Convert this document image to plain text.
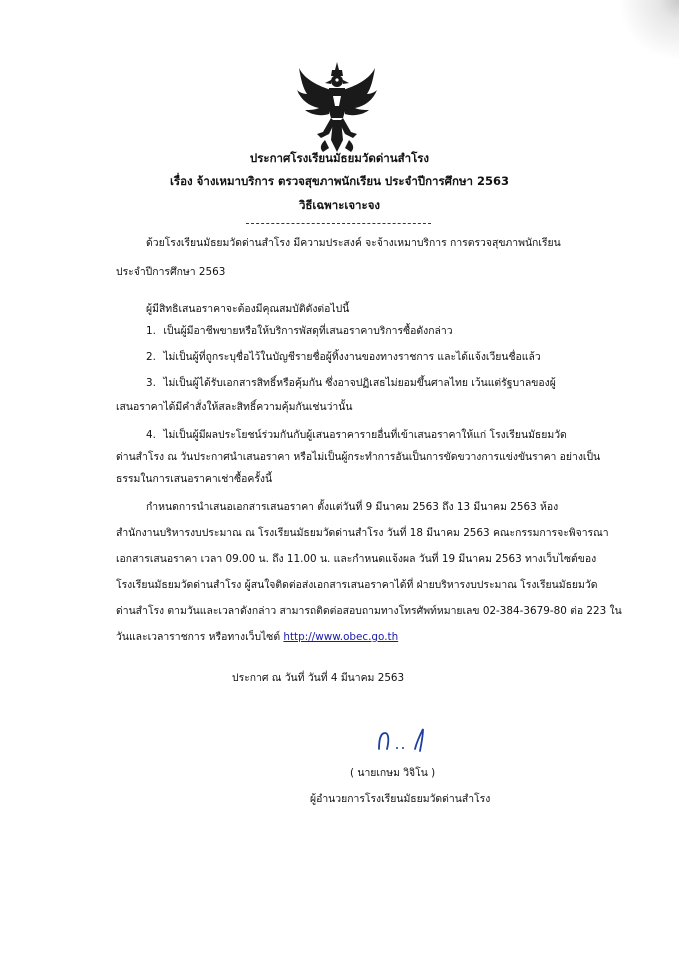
ประกาศโรงเรียนมัธยมวัดด่านสำโรง
เรื่อง จ้างเหมาบริการ ตรวจสุขภาพนักเรียน ประจำปีการศึกษา 2563
วิธีเฉพาะเจาะจง
ด้วยโรงเรียนมัธยมวัดด่านสำโรง มีความประสงค์ จะจ้างเหมาบริการ การตรวจสุขภาพนักเรียน
ประจำปีการศึกษา 2563
ผู้มีสิทธิเสนอราคาจะต้องมีคุณสมบัติดังต่อไปนี้
1. เป็นผู้มีอาชีพขายหรือให้บริการพัสดุที่เสนอราคาบริการซื้อดังกล่าว
2. ไม่เป็นผู้ที่ถูกระบุชื่อไว้ในบัญชีรายชื่อผู้ทิ้งงานของทางราชการ และได้แจ้งเวียนชื่อแล้ว
3. ไม่เป็นผู้ได้รับเอกสารสิทธิ์หรือคุ้มกัน ซึ่งอาจปฏิเสธไม่ยอมขึ้นศาลไทย เว้นแต่รัฐบาลของผู้
เสนอราคาได้มีคำสั่งให้สละสิทธิ์ความคุ้มกันเช่นว่านั้น
4. ไม่เป็นผู้มีผลประโยชน์ร่วมกันกับผู้เสนอราคารายอื่นที่เข้าเสนอราคาให้แก่ โรงเรียนมัธยมวัด
ด่านสำโรง ณ วันประกาศนำเสนอราคา หรือไม่เป็นผู้กระทำการอันเป็นการขัดขวางการแข่งขันราคา อย่างเป็น
ธรรมในการเสนอราคาเช่าซื้อครั้งนี้
กำหนดการนำเสนอเอกสารเสนอราคา ตั้งแต่วันที่ 9 มีนาคม 2563 ถึง 13 มีนาคม 2563 ห้อง
สำนักงานบริหารงบประมาณ ณ โรงเรียนมัธยมวัดด่านสำโรง วันที่ 18 มีนาคม 2563 คณะกรรมการจะพิจารณา
เอกสารเสนอราคา เวลา 09.00 น. ถึง 11.00 น. และกำหนดแจ้งผล วันที่ 19 มีนาคม 2563 ทางเว็บไซต์ของ
โรงเรียนมัธยมวัดด่านสำโรง ผู้สนใจติดต่อส่งเอกสารเสนอราคาได้ที่ ฝ่ายบริหารงบประมาณ โรงเรียนมัธยมวัด
ด่านสำโรง ตามวันและเวลาดังกล่าว สามารถติดต่อสอบถามทางโทรศัพท์หมายเลข 02-384-3679-80 ต่อ 223 ใน
วันและเวลาราชการ หรือทางเว็บไซต์ http://www.obec.go.th
ประกาศ ณ วันที่ วันที่ 4 มีนาคม 2563
( นายเกษม วิจิโน )
ผู้อำนวยการโรงเรียนมัธยมวัดด่านสำโรง
